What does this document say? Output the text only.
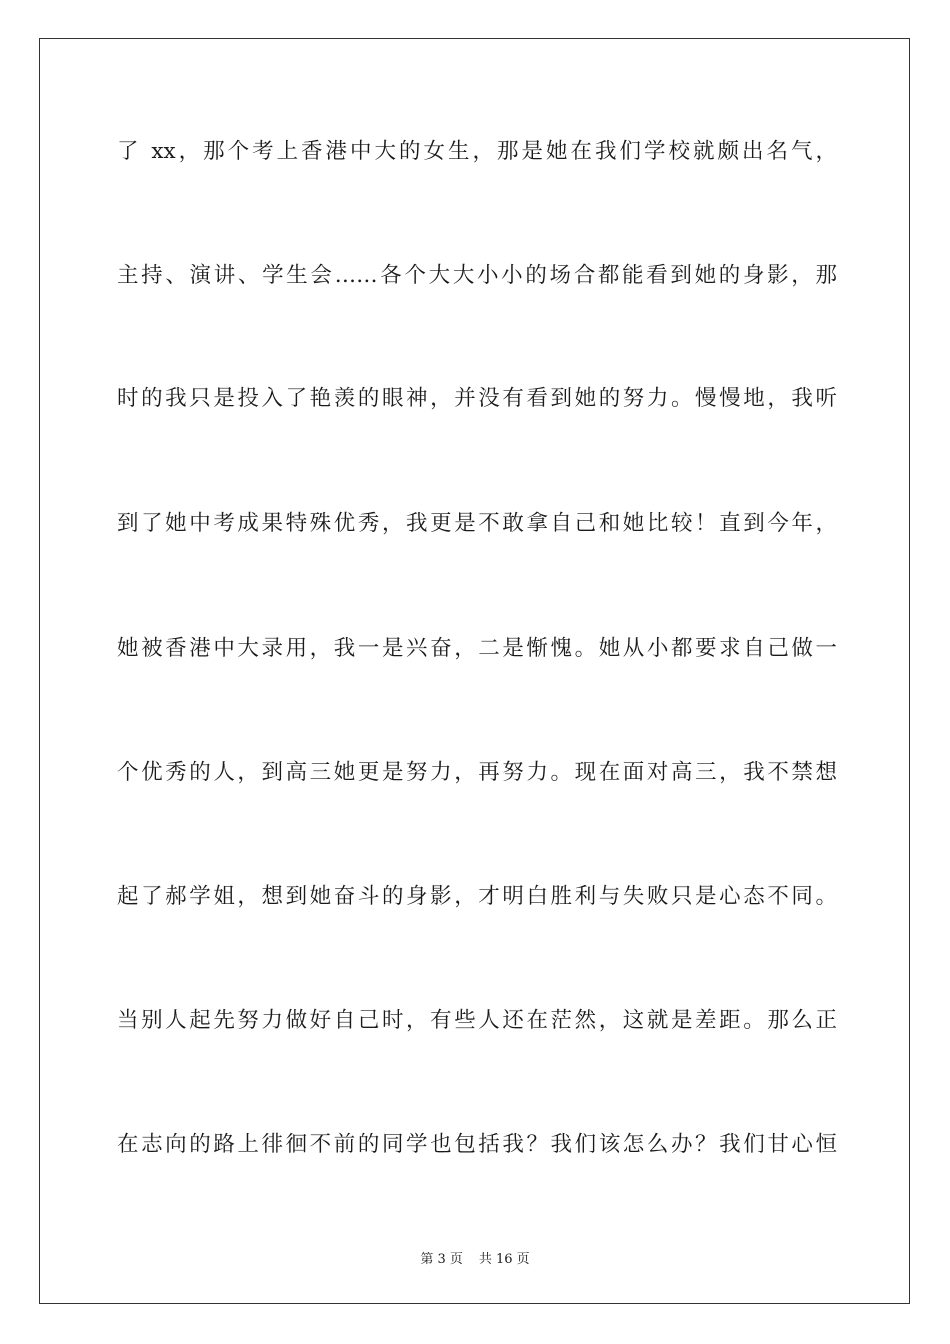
了 xx，那个考上香港中大的女生，那是她在我们学校就颇出名气，

主持、演讲、学生会……各个大大小小的场合都能看到她的身影，那

时的我只是投入了艳羡的眼神，并没有看到她的努力。慢慢地，我听

到了她中考成果特殊优秀，我更是不敢拿自己和她比较！直到今年，

她被香港中大录用，我一是兴奋，二是惭愧。她从小都要求自己做一

个优秀的人，到高三她更是努力，再努力。现在面对高三，我不禁想

起了郝学姐，想到她奋斗的身影，才明白胜利与失败只是心态不同。

当别人起先努力做好自己时，有些人还在茫然，这就是差距。那么正

在志向的路上徘徊不前的同学也包括我？我们该怎么办？我们甘心恒

第 3 页 共 16 页
